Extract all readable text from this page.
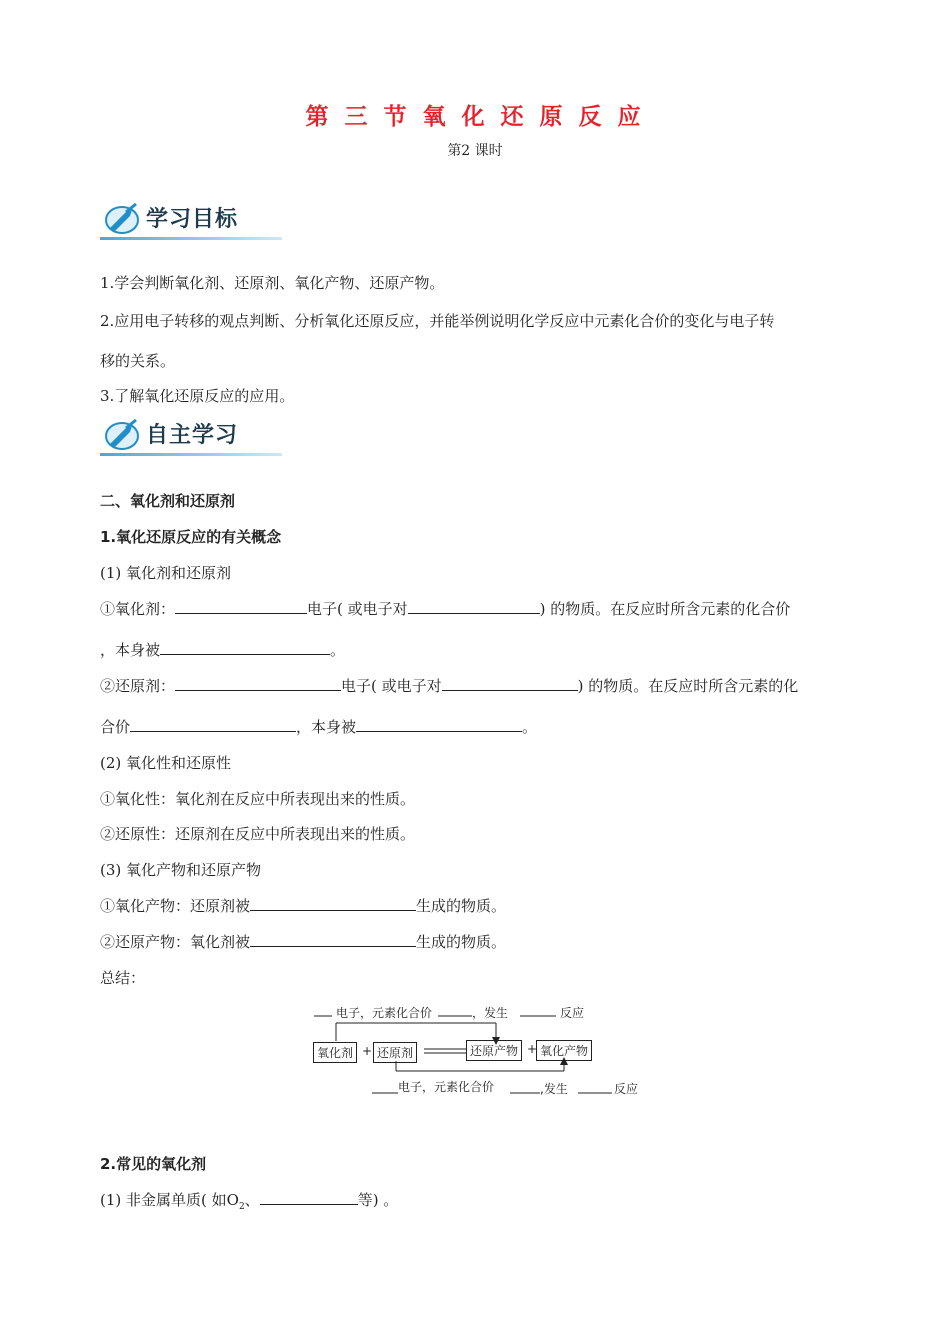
第 三 节 氧 化 还 原 反 应
第2 课时
学习目标
1.学会判断氧化剂、还原剂、氧化产物、还原产物。
2.应用电子转移的观点判断、分析氧化还原反应，并能举例说明化学反应中元素化合价的变化与电子转
移的关系。
3.了解氧化还原反应的应用。
自主学习
二、氧化剂和还原剂
1.氧化还原反应的有关概念
(1) 氧化剂和还原剂
①氧化剂：	电子( 或电子对	) 的物质。在反应时所含元素的化合价
，本身被	。
②还原剂：	电子( 或电子对	) 的物质。在反应时所含元素的化
合价	，本身被	。
(2) 氧化性和还原性
①氧化性：氧化剂在反应中所表现出来的性质。
②还原性：还原剂在反应中所表现出来的性质。
(3) 氧化产物和还原产物
①氧化产物：还原剂被	生成的物质。
②还原产物：氧化剂被	生成的物质。
总结：
电子，元素化合价	，发生	反应
氧化剂 + 还原剂	还原产物 + 氧化产物
电子，元素化合价	,发生	反应
2.常见的氧化剂
(1) 非金属单质( 如$O_2$、	等) 。
